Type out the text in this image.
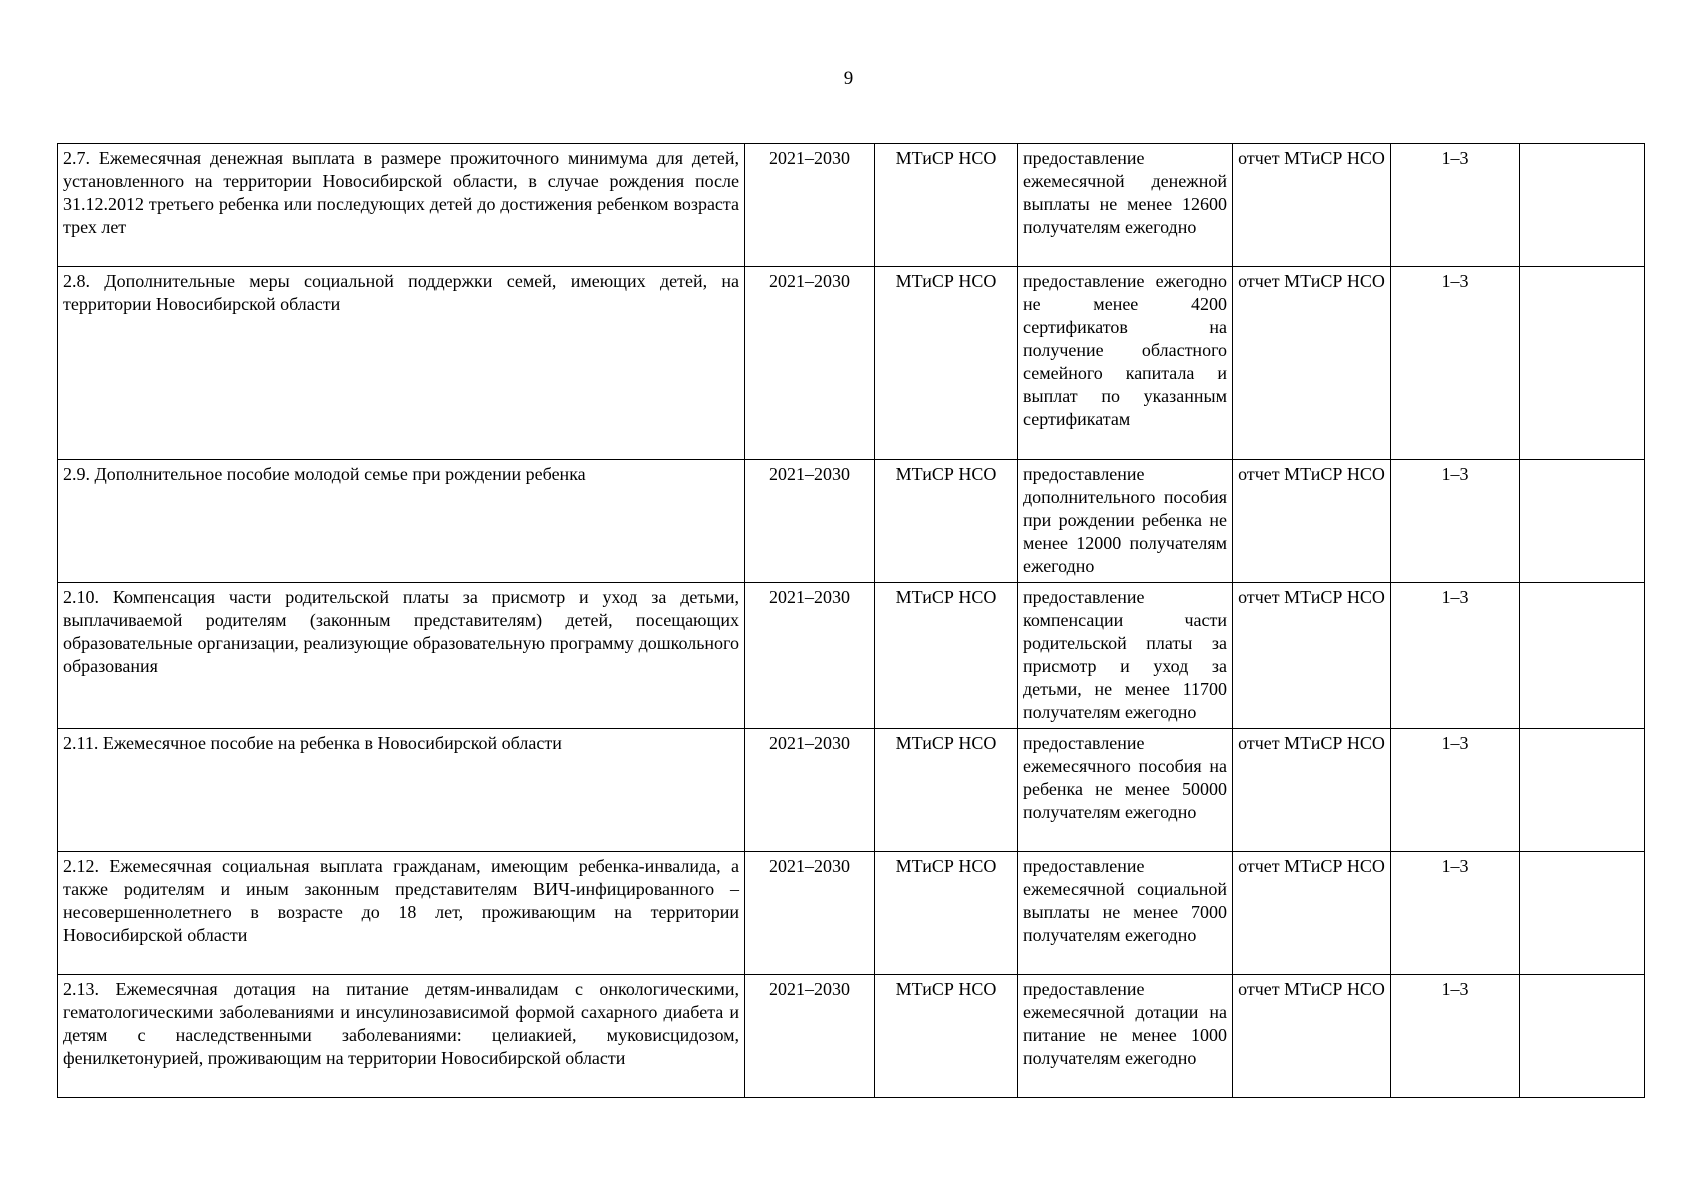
9
2.7. Ежемесячная денежная выплата в размере прожиточного минимума для детей, установленного на территории Новосибирской области, в случае рождения после 31.12.2012 третьего ребенка или последующих детей до достижения ребенком возраста трех лет	2021–2030	МТиСР НСО	предоставление ежемесячной денежной выплаты не менее 12600 получателям ежегодно	отчет МТиСР НСО	1–3	
2.8. Дополнительные меры социальной поддержки семей, имеющих детей, на территории Новосибирской области	2021–2030	МТиСР НСО	предоставление ежегодно не менее 4200 сертификатов на получение областного семейного капитала и выплат по указанным сертификатам	отчет МТиСР НСО	1–3	
2.9. Дополнительное пособие молодой семье при рождении ребенка	2021–2030	МТиСР НСО	предоставление дополнительного пособия при рождении ребенка не менее 12000 получателям ежегодно	отчет МТиСР НСО	1–3	
2.10. Компенсация части родительской платы за присмотр и уход за детьми, выплачиваемой родителям (законным представителям) детей, посещающих образовательные организации, реализующие образовательную программу дошкольного образования	2021–2030	МТиСР НСО	предоставление компенсации части родительской платы за присмотр и уход за детьми, не менее 11700 получателям ежегодно	отчет МТиСР НСО	1–3	
2.11. Ежемесячное пособие на ребенка в Новосибирской области	2021–2030	МТиСР НСО	предоставление ежемесячного пособия на ребенка не менее 50000 получателям ежегодно	отчет МТиСР НСО	1–3	
2.12. Ежемесячная социальная выплата гражданам, имеющим ребенка-инвалида, а также родителям и иным законным представителям ВИЧ-инфицированного – несовершеннолетнего в возрасте до 18 лет, проживающим на территории Новосибирской области	2021–2030	МТиСР НСО	предоставление ежемесячной социальной выплаты не менее 7000 получателям ежегодно	отчет МТиСР НСО	1–3	
2.13. Ежемесячная дотация на питание детям-инвалидам с онкологическими, гематологическими заболеваниями и инсулинозависимой формой сахарного диабета и детям с наследственными заболеваниями: целиакией, муковисцидозом, фенилкетонурией, проживающим на территории Новосибирской области	2021–2030	МТиСР НСО	предоставление ежемесячной дотации на питание не менее 1000 получателям ежегодно	отчет МТиСР НСО	1–3	
